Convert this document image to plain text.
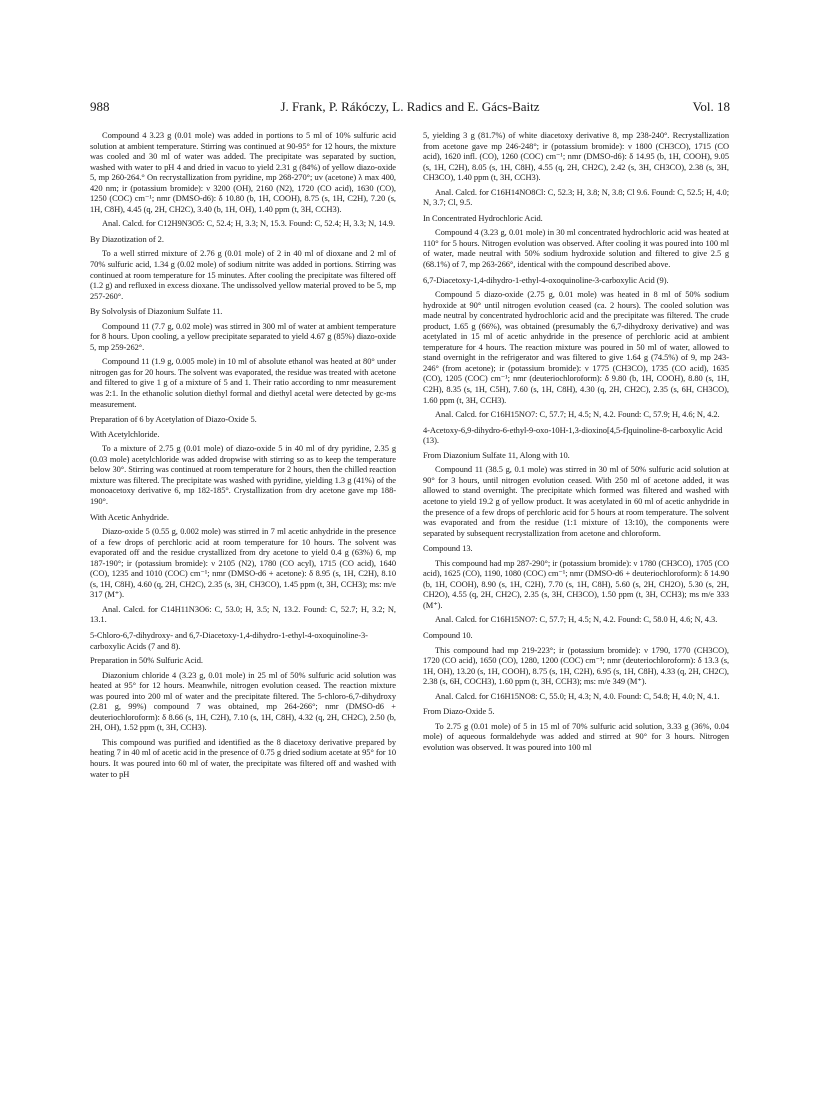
988	J. Frank, P. Rákóczy, L. Radics and E. Gács-Baitz	Vol. 18

Compound 4 3.23 g (0.01 mole) was added in portions to 5 ml of 10% sulfuric acid solution at ambient temperature. Stirring was continued at 90-95° for 12 hours, the mixture was cooled and 30 ml of water was added. The precipitate was separated by suction, washed with water to pH 4 and dried in vacuo to yield 2.31 g (84%) of yellow diazo-oxide 5, mp 260-264.° On recrystallization from pyridine, mp 268-270°; uv (acetone) λ max 400, 420 nm; ir (potassium bromide): ν 3200 (OH), 2160 (N2), 1720 (CO acid), 1630 (CO), 1250 (COC) cm⁻¹; nmr (DMSO-d6): δ 10.80 (b, 1H, COOH), 8.75 (s, 1H, C2H), 7.20 (s, 1H, C8H), 4.45 (q, 2H, CH2C), 3.40 (b, 1H, OH), 1.40 ppm (t, 3H, CCH3).

Anal. Calcd. for C12H9N3O5: C, 52.4; H, 3.3; N, 15.3. Found: C, 52.4; H, 3.3; N, 14.9.

By Diazotization of 2.

To a well stirred mixture of 2.76 g (0.01 mole) of 2 in 40 ml of dioxane and 2 ml of 70% sulfuric acid, 1.34 g (0.02 mole) of sodium nitrite was added in portions. Stirring was continued at room temperature for 15 minutes. After cooling the precipitate was filtered off (1.2 g) and refluxed in excess dioxane. The undissolved yellow material proved to be 5, mp 257-260°.

By Solvolysis of Diazonium Sulfate 11.

Compound 11 (7.7 g, 0.02 mole) was stirred in 300 ml of water at ambient temperature for 8 hours. Upon cooling, a yellow precipitate separated to yield 4.67 g (85%) diazo-oxide 5, mp 259-262°.

Compound 11 (1.9 g, 0.005 mole) in 10 ml of absolute ethanol was heated at 80° under nitrogen gas for 20 hours. The solvent was evaporated, the residue was treated with acetone and filtered to give 1 g of a mixture of 5 and 1. Their ratio according to nmr measurement was 2:1. In the ethanolic solution diethyl formal and diethyl acetal were detected by gc-ms measurement.

Preparation of 6 by Acetylation of Diazo-Oxide 5.
With Acetylchloride.

To a mixture of 2.75 g (0.01 mole) of diazo-oxide 5 in 40 ml of dry pyridine, 2.35 g (0.03 mole) acetylchloride was added dropwise with stirring so as to keep the temperature below 30°. Stirring was continued at room temperature for 2 hours, then the chilled reaction mixture was filtered. The precipitate was washed with pyridine, yielding 1.3 g (41%) of the monoacetoxy derivative 6, mp 182-185°. Crystallization from dry acetone gave mp 188-190°.

With Acetic Anhydride.

Diazo-oxide 5 (0.55 g, 0.002 mole) was stirred in 7 ml acetic anhydride in the presence of a few drops of perchloric acid at room temperature for 10 hours. The solvent was evaporated off and the residue crystallized from dry acetone to yield 0.4 g (63%) 6, mp 187-190°; ir (potassium bromide): ν 2105 (N2), 1780 (CO acyl), 1715 (CO acid), 1640 (CO), 1235 and 1010 (COC) cm⁻¹; nmr (DMSO-d6 + acetone): δ 8.95 (s, 1H, C2H), 8.10 (s, 1H, C8H), 4.60 (q, 2H, CH2C), 2.35 (s, 3H, CH3CO), 1.45 ppm (t, 3H, CCH3); ms: m/e 317 (M⁺).

Anal. Calcd. for C14H11N3O6: C, 53.0; H, 3.5; N, 13.2. Found: C, 52.7; H, 3.2; N, 13.1.

5-Chloro-6,7-dihydroxy- and 6,7-Diacetoxy-1,4-dihydro-1-ethyl-4-oxoquinoline-3-carboxylic Acids (7 and 8).
Preparation in 50% Sulfuric Acid.

Diazonium chloride 4 (3.23 g, 0.01 mole) in 25 ml of 50% sulfuric acid solution was heated at 95° for 12 hours. Meanwhile, nitrogen evolution ceased. The reaction mixture was poured into 200 ml of water and the precipitate filtered. The 5-chloro-6,7-dihydroxy (2.81 g, 99%) compound 7 was obtained, mp 264-266°; nmr (DMSO-d6 + deuteriochloroform): δ 8.66 (s, 1H, C2H), 7.10 (s, 1H, C8H), 4.32 (q, 2H, CH2C), 2.50 (b, 2H, OH), 1.52 ppm (t, 3H, CCH3).

This compound was purified and identified as the 8 diacetoxy derivative prepared by heating 7 in 40 ml of acetic acid in the presence of 0.75 g dried sodium acetate at 95° for 10 hours. It was poured into 60 ml of water, the precipitate was filtered off and washed with water to pH

5, yielding 3 g (81.7%) of white diacetoxy derivative 8, mp 238-240°. Recrystallization from acetone gave mp 246-248°; ir (potassium bromide): ν 1800 (CH3CO), 1715 (CO acid), 1620 infl. (CO), 1260 (COC) cm⁻¹; nmr (DMSO-d6): δ 14.95 (b, 1H, COOH), 9.05 (s, 1H, C2H), 8.05 (s, 1H, C8H), 4.55 (q, 2H, CH2C), 2.42 (s, 3H, CH3CO), 2.38 (s, 3H, CH3CO), 1.40 ppm (t, 3H, CCH3).

Anal. Calcd. for C16H14NO8Cl: C, 52.3; H, 3.8; N, 3.8; Cl 9.6. Found: C, 52.5; H, 4.0; N, 3.7; Cl, 9.5.

In Concentrated Hydrochloric Acid.

Compound 4 (3.23 g, 0.01 mole) in 30 ml concentrated hydrochloric acid was heated at 110° for 5 hours. Nitrogen evolution was observed. After cooling it was poured into 100 ml of water, made neutral with 50% sodium hydroxide solution and filtered to give 2.5 g (68.1%) of 7, mp 263-266°, identical with the compound described above.

6,7-Diacetoxy-1,4-dihydro-1-ethyl-4-oxoquinoline-3-carboxylic Acid (9).

Compound 5 diazo-oxide (2.75 g, 0.01 mole) was heated in 8 ml of 50% sodium hydroxide at 90° until nitrogen evolution ceased (ca. 2 hours). The cooled solution was made neutral by concentrated hydrochloric acid and the precipitate was filtered. The crude product, 1.65 g (66%), was obtained (presumably the 6,7-dihydroxy derivative) and was acetylated in 15 ml of acetic anhydride in the presence of perchloric acid at ambient temperature for 4 hours. The reaction mixture was poured in 50 ml of water, allowed to stand overnight in the refrigerator and was filtered to give 1.64 g (74.5%) of 9, mp 243-246° (from acetone); ir (potassium bromide): ν 1775 (CH3CO), 1735 (CO acid), 1635 (CO), 1205 (COC) cm⁻¹; nmr (deuteriochloroform): δ 9.80 (b, 1H, COOH), 8.80 (s, 1H, C2H), 8.35 (s, 1H, C5H), 7.60 (s, 1H, C8H), 4.30 (q, 2H, CH2C), 2.35 (s, 6H, CH3CO), 1.60 ppm (t, 3H, CCH3).

Anal. Calcd. for C16H15NO7: C, 57.7; H, 4.5; N, 4.2. Found: C, 57.9; H, 4.6; N, 4.2.

4-Acetoxy-6,9-dihydro-6-ethyl-9-oxo-10H-1,3-dioxino[4,5-f]quinoline-8-carboxylic Acid (13).
From Diazonium Sulfate 11, Along with 10.

Compound 11 (38.5 g, 0.1 mole) was stirred in 30 ml of 50% sulfuric acid solution at 90° for 3 hours, until nitrogen evolution ceased. With 250 ml of acetone added, it was allowed to stand overnight. The precipitate which formed was filtered and washed with acetone to yield 19.2 g of yellow product. It was acetylated in 60 ml of acetic anhydride in the presence of a few drops of perchloric acid for 5 hours at room temperature. The solvent was evaporated and from the residue (1:1 mixture of 13:10), the components were separated by subsequent recrystallization from acetone and chloroform.

Compound 13.

This compound had mp 287-290°; ir (potassium bromide): ν 1780 (CH3CO), 1705 (CO acid), 1625 (CO), 1190, 1080 (COC) cm⁻¹; nmr (DMSO-d6 + deuteriochloroform): δ 14.90 (b, 1H, COOH), 8.90 (s, 1H, C2H), 7.70 (s, 1H, C8H), 5.60 (s, 2H, CH2O), 5.30 (s, 2H, CH2O), 4.55 (q, 2H, CH2C), 2.35 (s, 3H, CH3CO), 1.50 ppm (t, 3H, CCH3); ms m/e 333 (M⁺).

Anal. Calcd. for C16H15NO7: C, 57.7; H, 4.5; N, 4.2. Found: C, 58.0 H, 4.6; N, 4.3.

Compound 10.

This compound had mp 219-223°; ir (potassium bromide): ν 1790, 1770 (CH3CO), 1720 (CO acid), 1650 (CO), 1280, 1200 (COC) cm⁻¹; nmr (deuteriochloroform): δ 13.3 (s, 1H, OH), 13.20 (s, 1H, COOH), 8.75 (s, 1H, C2H), 6.95 (s, 1H, C8H), 4.33 (q, 2H, CH2C), 2.38 (s, 6H, COCH3), 1.60 ppm (t, 3H, CCH3); ms: m/e 349 (M⁺).

Anal. Calcd. for C16H15NO8: C, 55.0; H, 4.3; N, 4.0. Found: C, 54.8; H, 4.0; N, 4.1.

From Diazo-Oxide 5.

To 2.75 g (0.01 mole) of 5 in 15 ml of 70% sulfuric acid solution, 3.33 g (36%, 0.04 mole) of aqueous formaldehyde was added and stirred at 90° for 3 hours. Nitrogen evolution was observed. It was poured into 100 ml
